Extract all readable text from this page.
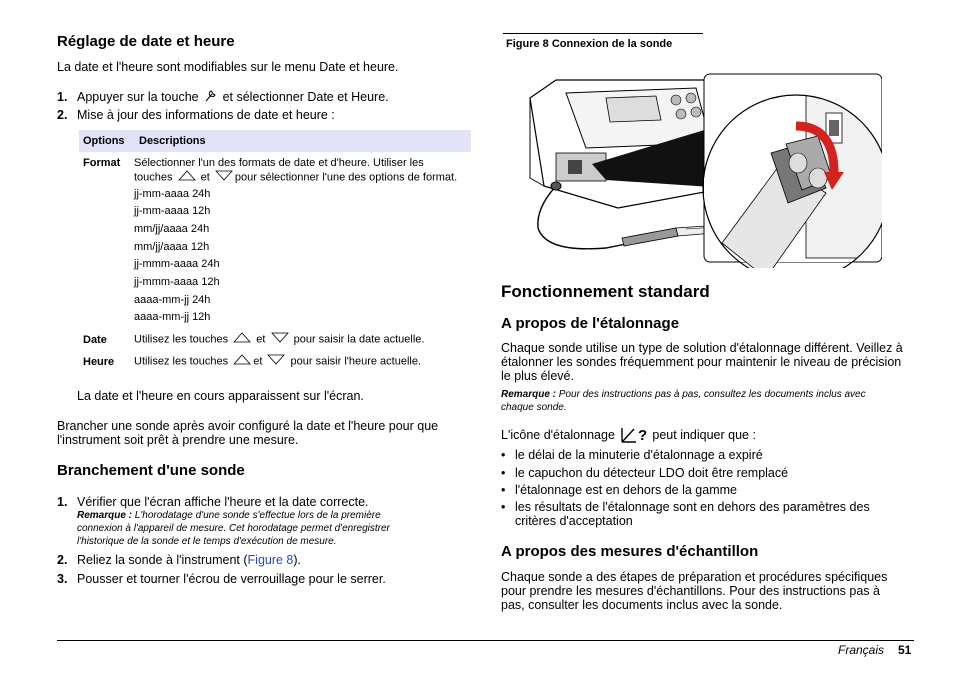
Réglage de date et heure
La date et l'heure sont modifiables sur le menu Date et heure.
1. Appuyer sur la touche et sélectionner Date et Heure.
2. Mise à jour des informations de date et heure :
Options	Descriptions
Format Sélectionner l'un des formats de date et d'heure. Utiliser les
touches	et pour sélectionner l'une des options de format.
jj-mm-aaaa 24h
jj-mm-aaaa 12h
mm/jj/aaaa 24h
mm/jj/aaaa 12h
jj-mmm-aaaa 24h
jj-mmm-aaaa 12h
aaaa-mm-jj 24h
aaaa-mm-jj 12h
Date Utilisez les touches	et	pour saisir la date actuelle.
Heure Utilisez les touches et	pour saisir l'heure actuelle.
La date et l'heure en cours apparaissent sur l'écran.
Brancher une sonde après avoir configuré la date et l'heure pour que
l'instrument soit prêt à prendre une mesure.
Branchement d'une sonde
1. Vérifier que l'écran affiche l'heure et la date correcte.
Remarque : L'horodatage d'une sonde s'effectue lors de la première
connexion à l'appareil de mesure. Cet horodatage permet d'enregistrer
l'historique de la sonde et le temps d'exécution de mesure.
2. Reliez la sonde à l'instrument (Figure 8).
3. Pousser et tourner l'écrou de verrouillage pour le serrer.
Figure 8 Connexion de la sonde
Fonctionnement standard
A propos de l'étalonnage
Chaque sonde utilise un type de solution d'étalonnage différent. Veillez à
étalonner les sondes fréquemment pour maintenir le niveau de précision
le plus élevé.
Remarque : Pour des instructions pas à pas, consultez les documents inclus avec
chaque sonde.
L'icône d'étalonnage ? peut indiquer que :
• le délai de la minuterie d'étalonnage a expiré
• le capuchon du détecteur LDO doit être remplacé
• l'étalonnage est en dehors de la gamme
• les résultats de l'étalonnage sont en dehors des paramètres des
critères d'acceptation
A propos des mesures d'échantillon
Chaque sonde a des étapes de préparation et procédures spécifiques
pour prendre les mesures d'échantillons. Pour des instructions pas à
pas, consulter les documents inclus avec la sonde.
Français 51
